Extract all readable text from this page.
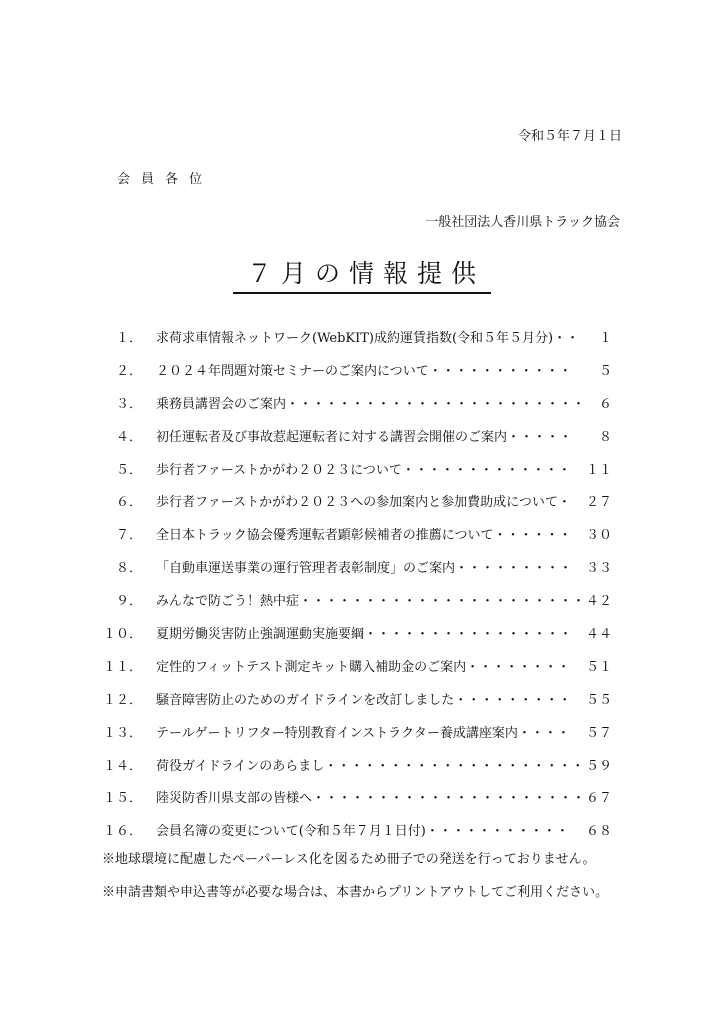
令和５年７月１日
会員各位
一般社団法人香川県トラック協会
７月の情報提供
１． 求荷求車情報ネットワーク(WebKIT)成約運賃指数(令和５年５月分)・・	１
２． ２０２４年問題対策セミナーのご案内について・・・・・・・・・・・	５
３． 乗務員講習会のご案内・・・・・・・・・・・・・・・・・・・・・・・	６
４． 初任運転者及び事故惹起運転者に対する講習会開催のご案内・・・・・	８
５． 歩行者ファーストかがわ２０２３について・・・・・・・・・・・・・	１１
６． 歩行者ファーストかがわ２０２３への参加案内と参加費助成について・	２７
７． 全日本トラック協会優秀運転者顕彰候補者の推薦について・・・・・・	３０
８． 「自動車運送事業の運行管理者表彰制度」のご案内・・・・・・・・・	３３
９． みんなで防ごう！熱中症・・・・・・・・・・・・・・・・・・・・・・ ４２
１０． 夏期労働災害防止強調運動実施要綱・・・・・・・・・・・・・・・・	４４
１１． 定性的フィットテスト測定キット購入補助金のご案内・・・・・・・・	５１
１２． 騒音障害防止のためのガイドラインを改訂しました・・・・・・・・・	５５
１３． テールゲートリフター特別教育インストラクター養成講座案内・・・・	５７
１４． 荷役ガイドラインのあらまし・・・・・・・・・・・・・・・・・・・・ ５９
１５． 陸災防香川県支部の皆様へ・・・・・・・・・・・・・・・・・・・・・ ６７
１６． 会員名簿の変更について(令和５年７月１日付)・・・・・・・・・・・	６８
※地球環境に配慮したペーパーレス化を図るため冊子での発送を行っておりません。
※申請書類や申込書等が必要な場合は、本書からプリントアウトしてご利用ください。
